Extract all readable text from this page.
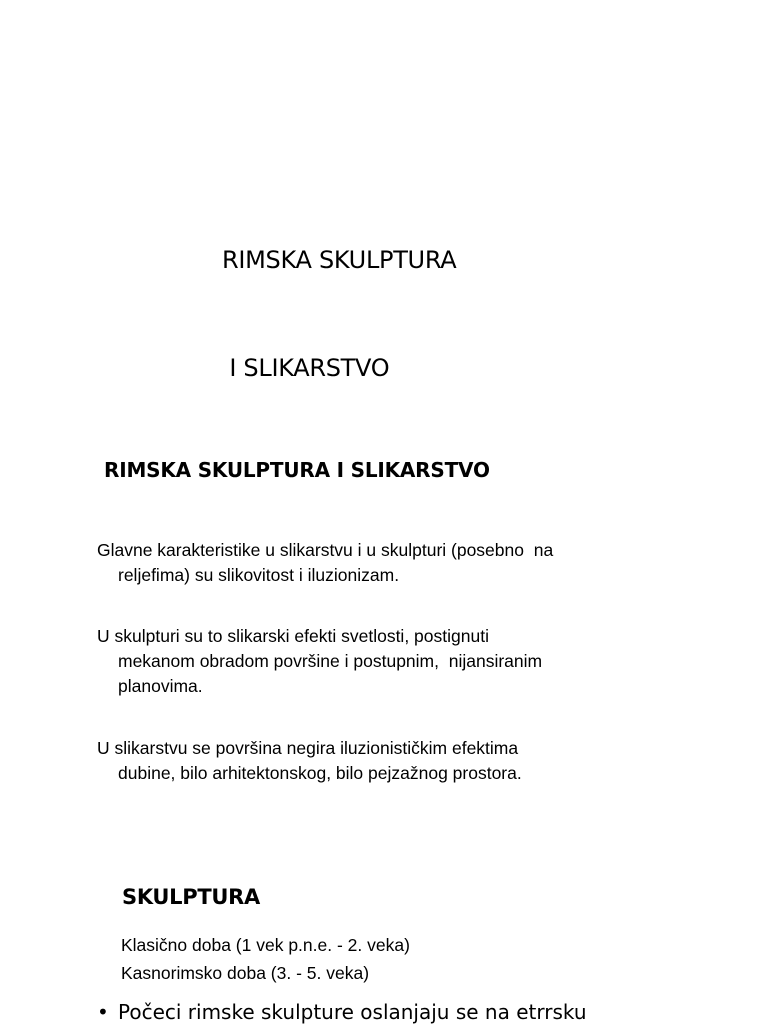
RIMSKA SKULPTURA

I SLIKARSTVO

RIMSKA SKULPTURA I SLIKARSTVO
Glavne karakteristike u slikarstvu i u skulpturi (posebno  na
reljefima) su slikovitost i iluzionizam.
U skulpturi su to slikarski efekti svetlosti, postignuti
mekanom obradom površine i postupnim,  nijansiranim
planovima.
U slikarstvu se površina negira iluzionističkim efektima
dubine, bilo arhitektonskog, bilo pejzažnog prostora.
SKULPTURA
Klasično doba (1 vek p.n.e. - 2. veka)
Kasnorimsko doba (3. - 5. veka)
• Počeci rimske skulpture oslanjaju se na etrrsku
